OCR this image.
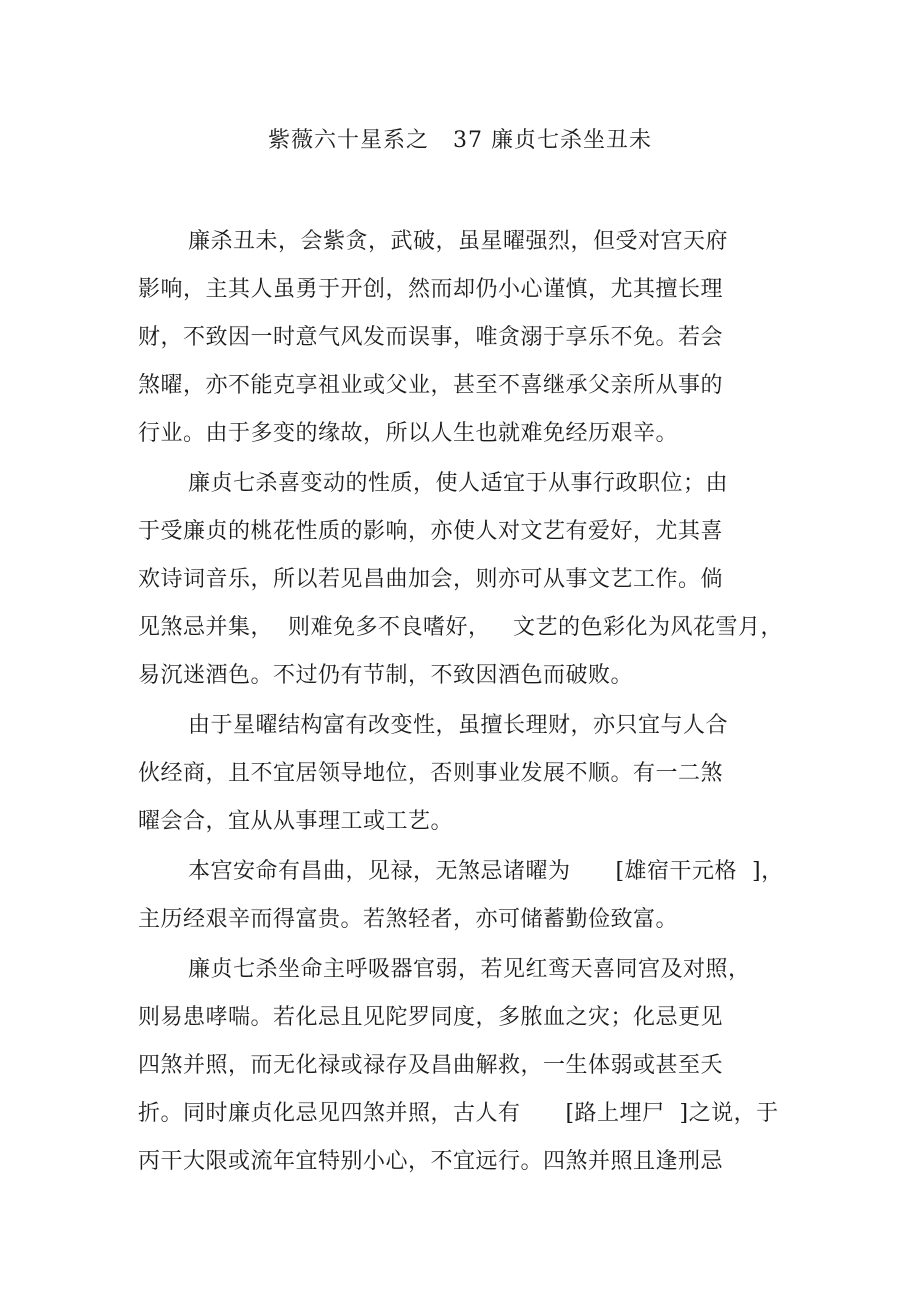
紫薇六十星系之   37 廉贞七杀坐丑未
廉杀丑未，会紫贪，武破，虽星曜强烈，但受对宫天府
影响，主其人虽勇于开创，然而却仍小心谨慎，尤其擅长理
财，不致因一时意气风发而误事，唯贪溺于享乐不免。若会
煞曜，亦不能克享祖业或父业，甚至不喜继承父亲所从事的
行业。由于多变的缘故，所以人生也就难免经历艰辛。
廉贞七杀喜变动的性质，使人适宜于从事行政职位；由
于受廉贞的桃花性质的影响，亦使人对文艺有爱好，尤其喜
欢诗词音乐，所以若见昌曲加会，则亦可从事文艺工作。倘
见煞忌并集，  则难免多不良嗜好，   文艺的色彩化为风花雪月，
易沉迷酒色。不过仍有节制，不致因酒色而破败。
由于星曜结构富有改变性，虽擅长理财，亦只宜与人合
伙经商，且不宜居领导地位，否则事业发展不顺。有一二煞
曜会合，宜从从事理工或工艺。
本宫安命有昌曲，见禄，无煞忌诸曜为      [雄宿干元格  ]，
主历经艰辛而得富贵。若煞轻者，亦可储蓄勤俭致富。
廉贞七杀坐命主呼吸器官弱，若见红鸾天喜同宫及对照，
则易患哮喘。若化忌且见陀罗同度，多脓血之灾；化忌更见
四煞并照，而无化禄或禄存及昌曲解救，一生体弱或甚至夭
折。同时廉贞化忌见四煞并照，古人有      [路上埋尸  ]之说，于
丙干大限或流年宜特别小心，不宜远行。四煞并照且逢刑忌
